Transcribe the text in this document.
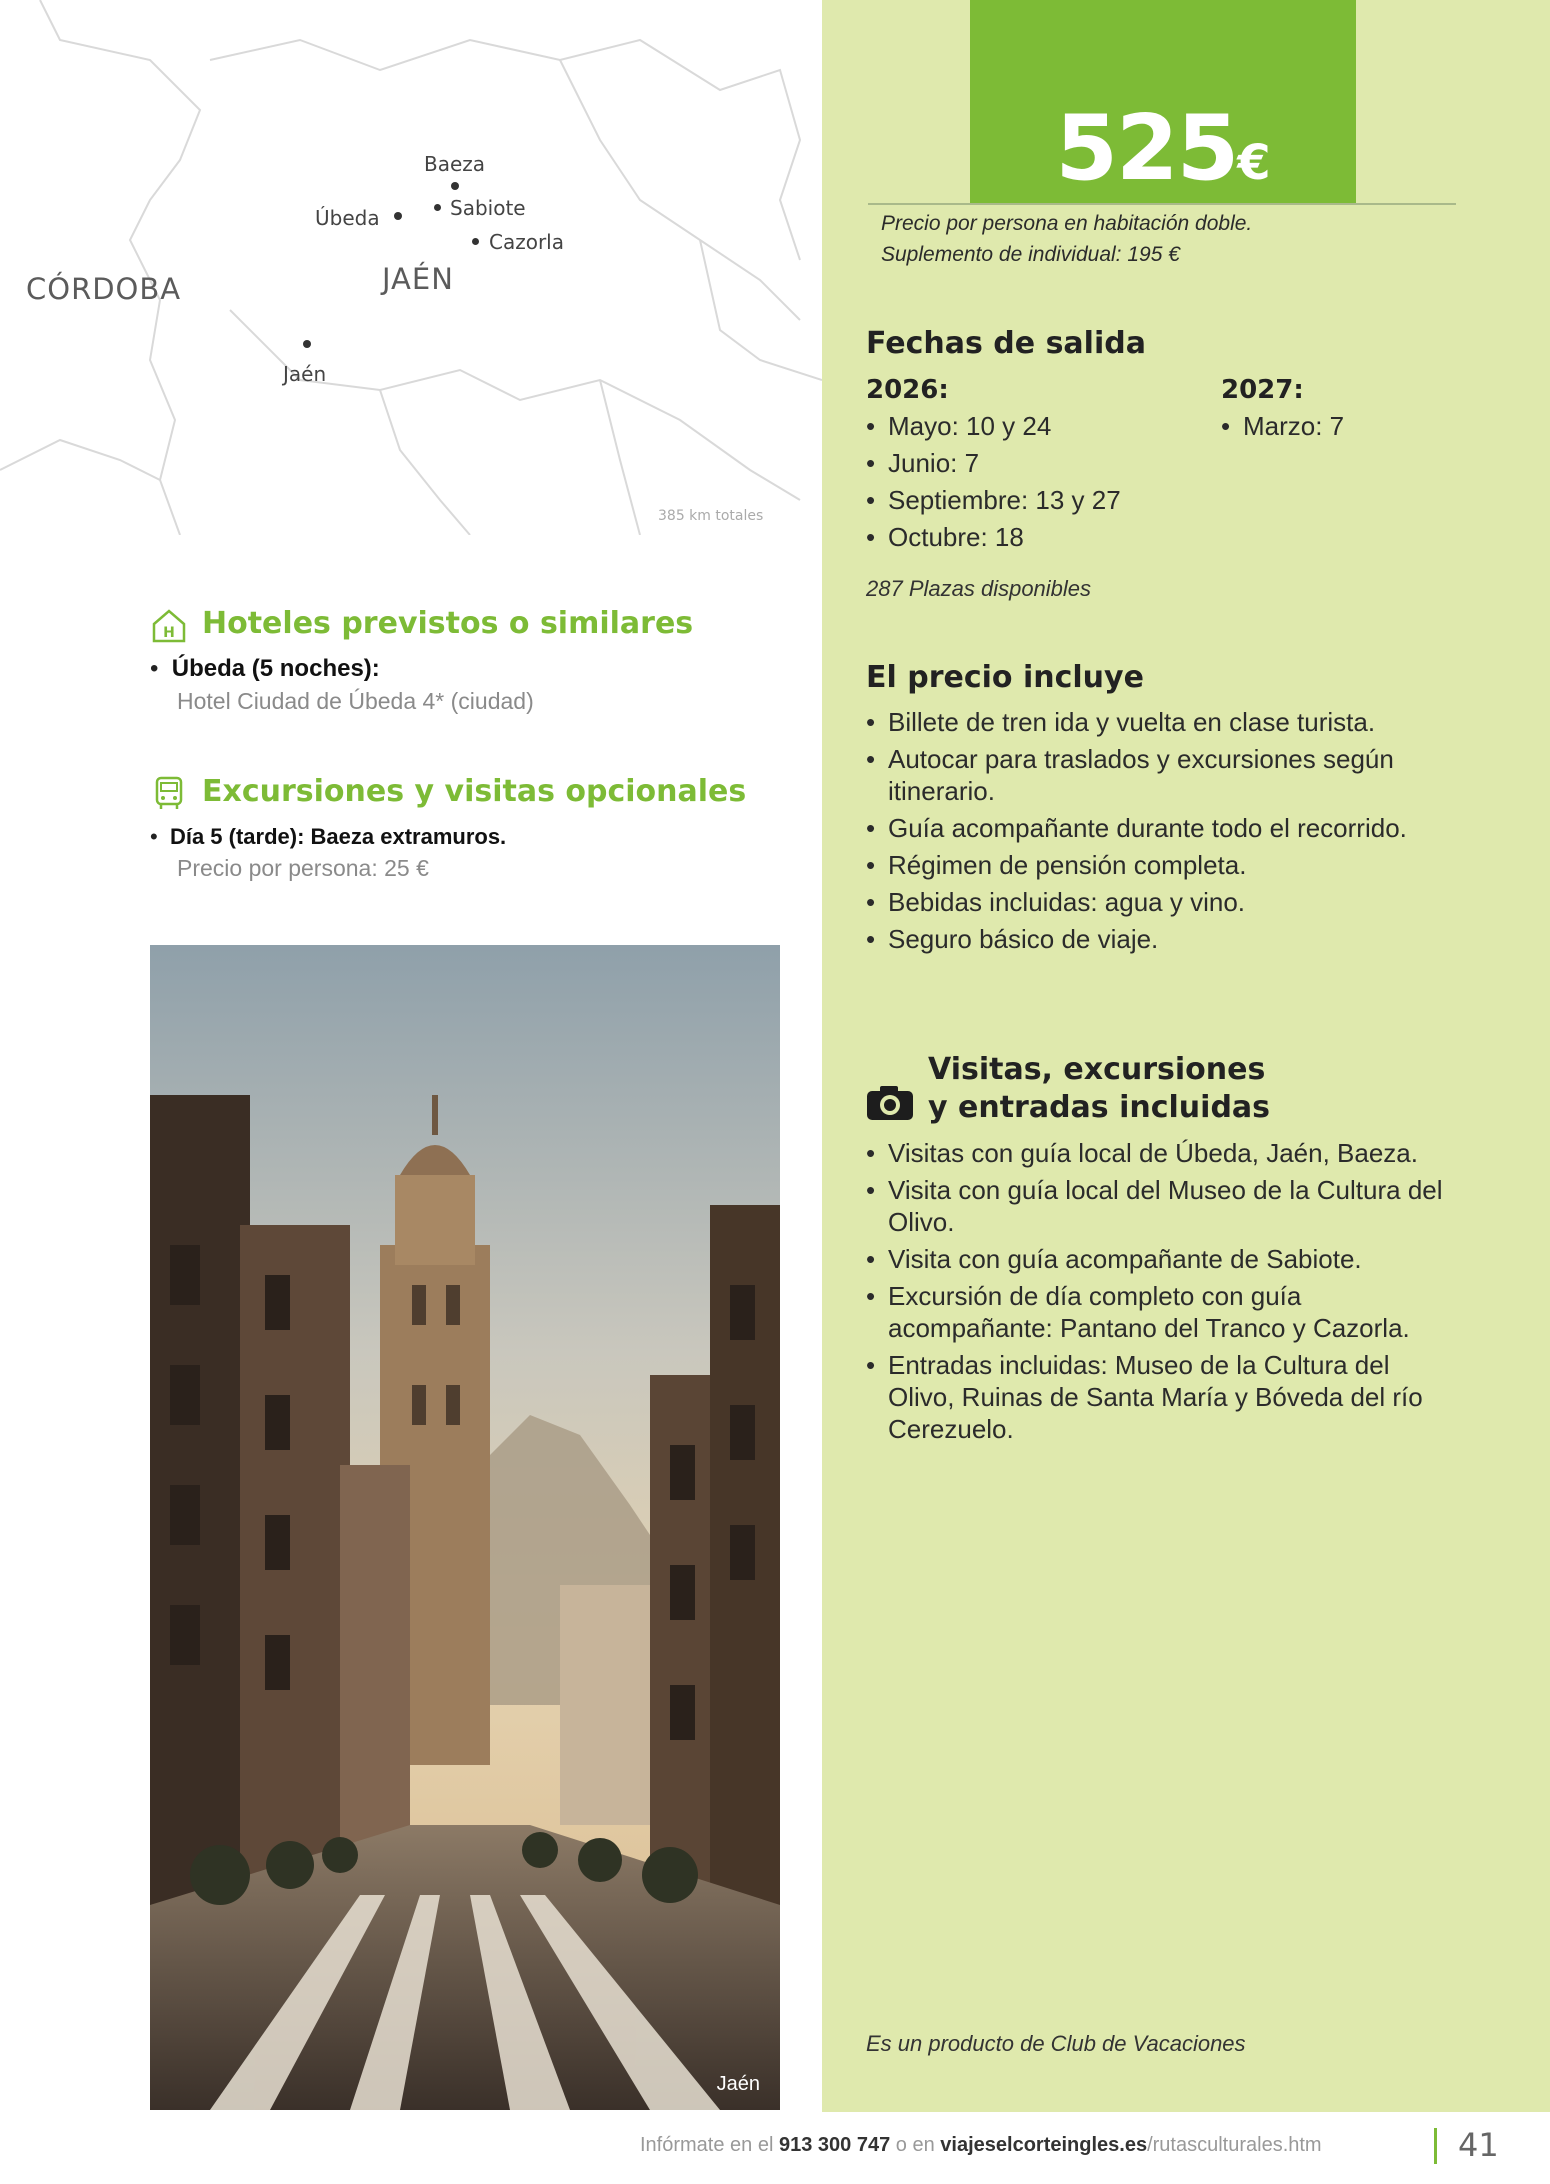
CÓRDOBA	JAÉN
Baeza
Úbeda	Sabiote
Cazorla
Jaén
385 km totales
525€
Precio por persona en habitación doble.
Suplemento de individual: 195 €
Fechas de salida
2026:
• Mayo: 10 y 24
• Junio: 7
• Septiembre: 13 y 27
• Octubre: 18
2027:
• Marzo: 7
287 Plazas disponibles
El precio incluye
• Billete de tren ida y vuelta en clase turista.
• Autocar para traslados y excursiones según itinerario.
• Guía acompañante durante todo el recorrido.
• Régimen de pensión completa.
• Bebidas incluidas: agua y vino.
• Seguro básico de viaje.
Visitas, excursiones
y entradas incluidas
• Visitas con guía local de Úbeda, Jaén, Baeza.
• Visita con guía local del Museo de la Cultura del Olivo.
• Visita con guía acompañante de Sabiote.
• Excursión de día completo con guía acompañante: Pantano del Tranco y Cazorla.
• Entradas incluidas: Museo de la Cultura del Olivo, Ruinas de Santa María y Bóveda del río Cerezuelo.
Es un producto de Club de Vacaciones
H Hoteles previstos o similares
•  Úbeda (5 noches):
Hotel Ciudad de Úbeda 4* (ciudad)
Excursiones y visitas opcionales
•  Día 5 (tarde): Baeza extramuros.
Precio por persona: 25 €
Jaén
Infórmate en el 913 300 747 o en viajeselcorteingles.es/rutasculturales.htm	41
